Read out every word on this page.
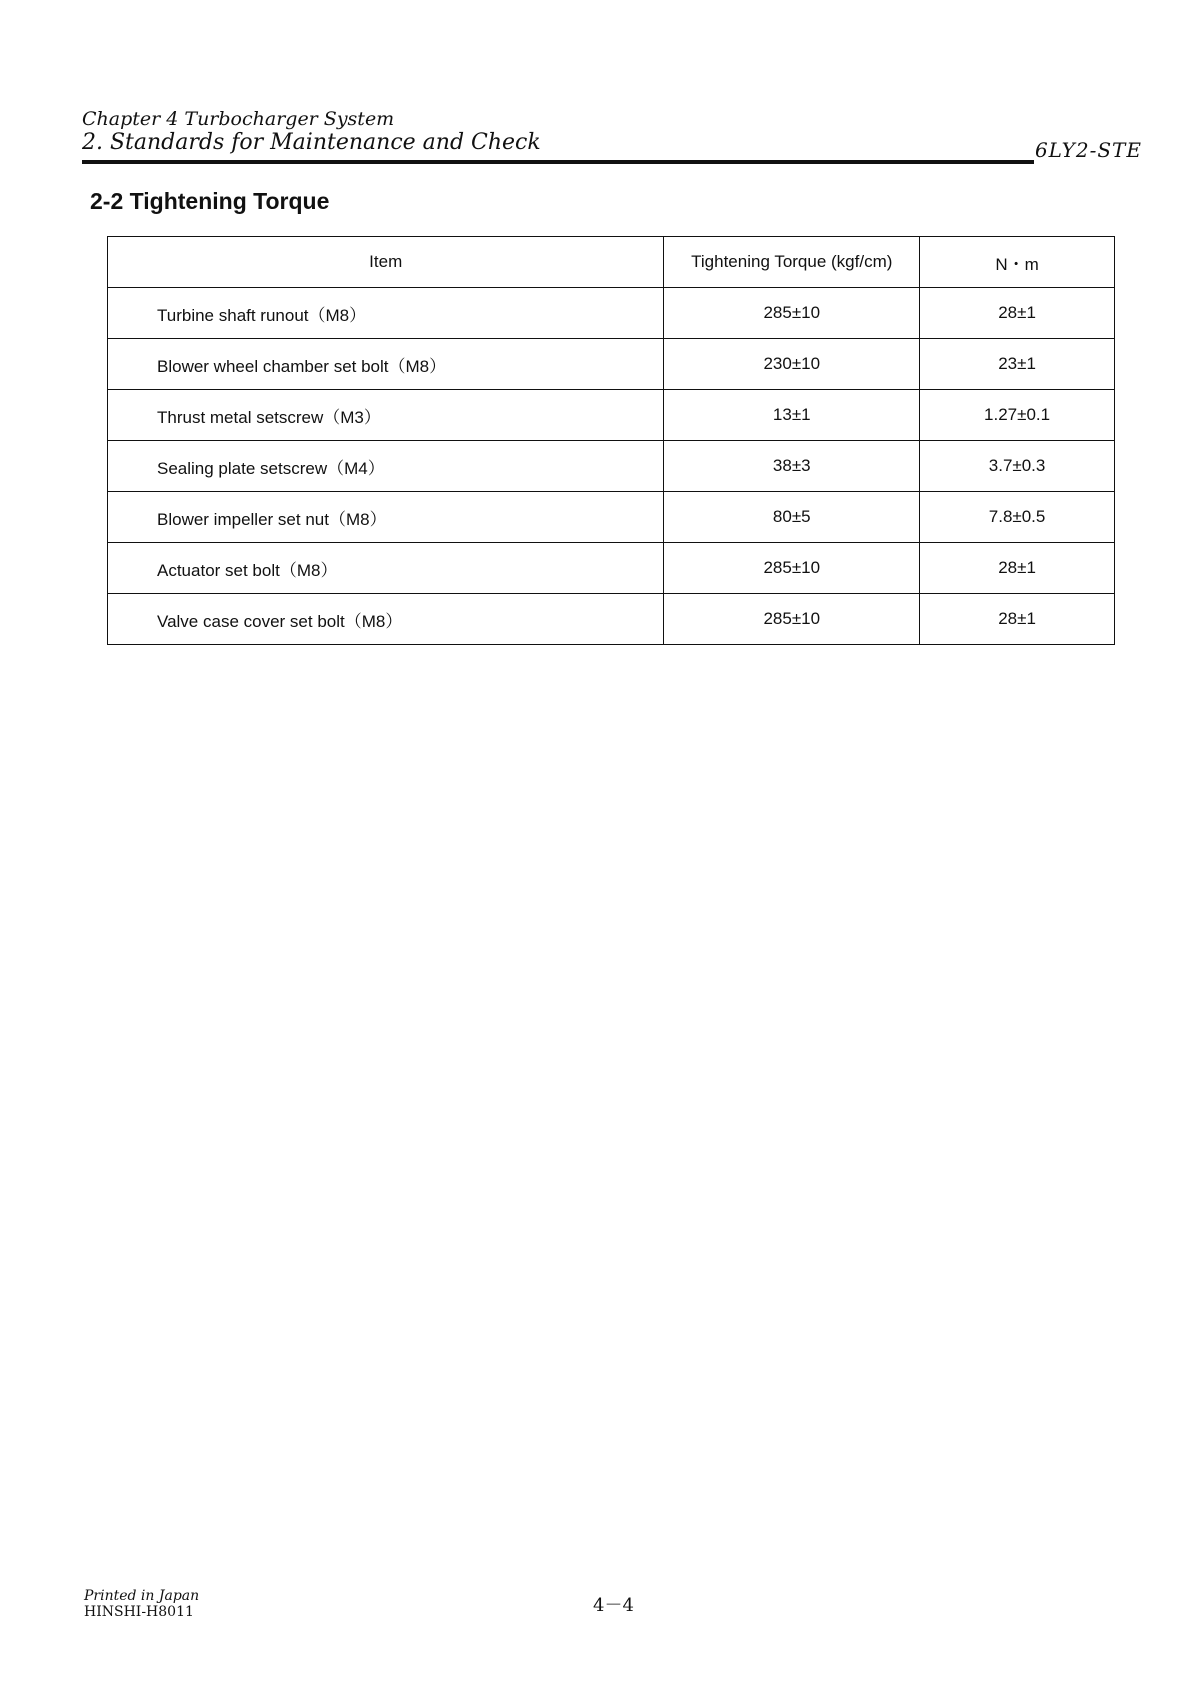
Chapter 4 Turbocharger System
2. Standards for Maintenance and Check	6LY2-STE
2-2 Tightening Torque
Item	Tightening Torque (kgf/cm)	N・m
Turbine shaft runout（M8）	285±10	28±1
Blower wheel chamber set bolt（M8）	230±10	23±1
Thrust metal setscrew（M3）	13±1	1.27±0.1
Sealing plate setscrew（M4）	38±3	3.7±0.3
Blower impeller set nut（M8）	80±5	7.8±0.5
Actuator set bolt（M8）	285±10	28±1
Valve case cover set bolt（M8）	285±10	28±1
Printed in Japan
HINSHI-H8011	4－4
